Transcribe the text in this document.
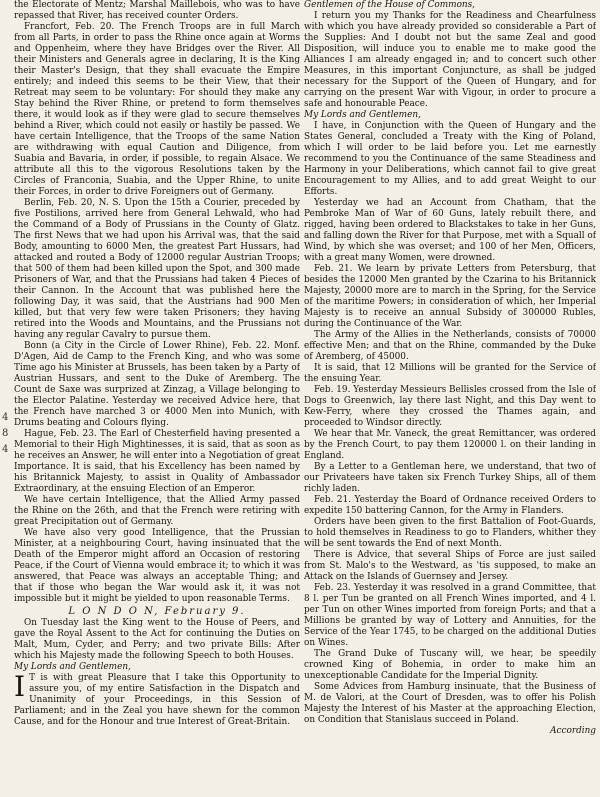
4 8 4

the Electorate of Mentz; Marshal Maillebois, who was to have repassed that River, has received counter Orders.

Francfort, Feb. 20. The French Troops are in full March from all Parts, in order to pass the Rhine once again at Worms and Oppenheim, where they have Bridges over the River. All their Ministers and Generals agree in declaring, It is the King their Master's Design, that they shall evacuate the Empire entirely; and indeed this seems to be their View, that their Retreat may seem to be voluntary: For should they make any Stay behind the River Rhine, or pretend to form themselves there, it would look as if they were glad to secure themselves behind a River, which could not easily or hastily be passed. We have certain Intelligence, that the Troops of the same Nation are withdrawing with equal Caution and Diligence, from Suabia and Bavaria, in order, if possible, to regain Alsace. We attribute all this to the vigorous Resolutions taken by the Circles of Franconia, Suabia, and the Upper Rhine, to unite their Forces, in order to drive Foreigners out of Germany.

Berlin, Feb. 20, N. S. Upon the 15th a Courier, preceded by five Postilions, arrived here from General Lehwald, who had the Command of a Body of Prussians in the County of Glatz. The first News that we had upon his Arrival was, that the said Body, amounting to 6000 Men, the greatest Part Hussars, had attacked and routed a Body of 12000 regular Austrian Troops; that 500 of them had been killed upon the Spot, and 300 made Prisoners of War, and that the Prussians had taken 4 Pieces of their Cannon. In the Account that was published here the following Day, it was said, that the Austrians had 900 Men killed, but that very few were taken Prisoners; they having retired into the Woods and Mountains, and the Prussians not having any regular Cavalry to pursue them.

Bonn (a City in the Circle of Lower Rhine), Feb. 22. Monf. D'Agen, Aid de Camp to the French King, and who was some Time ago his Minister at Brussels, has been taken by a Party of Austrian Hussars, and sent to the Duke of Aremberg. The Count de Saxe was surprized at Zinzag, a Village belonging to the Elector Palatine. Yesterday we received Advice here, that the French have marched 3 or 4000 Men into Munich, with Drums beating and Colours flying.

Hague, Feb. 23. The Earl of Chesterfield having presented a Memorial to their High Mightinesses, it is said, that as soon as he receives an Answer, he will enter into a Negotiation of great Importance. It is said, that his Excellency has been named by his Britannick Majesty, to assist in Quality of Ambassador Extraordinary, at the ensuing Election of an Emperor.

We have certain Intelligence, that the Allied Army passed the Rhine on the 26th, and that the French were retiring with great Precipitation out of Germany.

We have also very good Intelligence, that the Prussian Minister, at a neighbouring Court, having insinuated that the Death of the Emperor might afford an Occasion of restoring Peace, if the Court of Vienna would embrace it; to which it was answered, that Peace was always an acceptable Thing; and that if those who began the War would ask it, it was not impossible but it might be yielded to upon reasonable Terms.

L O N D O N, February 9.

On Tuesday last the King went to the House of Peers, and gave the Royal Assent to the Act for continuing the Duties on Malt, Mum, Cyder, and Perry; and two private Bills: After which his Majesty made the following Speech to both Houses.

My Lords and Gentlemen,

I T is with great Pleasure that I take this Opportunity to assure you, of my entire Satisfaction in the Dispatch and Unanimity of your Proceedings, in this Session of Parliament; and in the Zeal you have shewn for the common Cause, and for the Honour and true Interest of Great-Britain.

Gentlemen of the House of Commons,

I return you my Thanks for the Readiness and Chearfulness with which you have already provided so considerable a Part of the Supplies: And I doubt not but the same Zeal and good Disposition, will induce you to enable me to make good the Alliances I am already engaged in; and to concert such other Measures, in this important Conjuncture, as shall be judged necessary for the Support of the Queen of Hungary, and for carrying on the present War with Vigour, in order to procure a safe and honourable Peace.

My Lords and Gentlemen,

I have, in Conjunction with the Queen of Hungary and the States General, concluded a Treaty with the King of Poland, which I will order to be laid before you. Let me earnestly recommend to you the Continuance of the same Steadiness and Harmony in your Deliberations, which cannot fail to give great Encouragement to my Allies, and to add great Weight to our Efforts.

Yesterday we had an Account from Chatham, that the Pembroke Man of War of 60 Guns, lately rebuilt there, and rigged, having been ordered to Blackstakes to take in her Guns, and falling down the River for that Purpose, met with a Squall of Wind, by which she was overset; and 100 of her Men, Officers, with a great many Women, were drowned.

Feb. 21. We learn by private Letters from Petersburg, that besides the 12000 Men granted by the Czarina to his Britannick Majesty, 20000 more are to march in the Spring, for the Service of the maritime Powers; in consideration of which, her Imperial Majesty is to receive an annual Subsidy of 300000 Rubles, during the Continuance of the War.

The Army of the Allies in the Netherlands, consists of 70000 effective Men; and that on the Rhine, commanded by the Duke of Aremberg, of 45000.

It is said, that 12 Millions will be granted for the Service of the ensuing Year.

Feb. 19. Yesterday Messieurs Bellisles crossed from the Isle of Dogs to Greenwich, lay there last Night, and this Day went to Kew-Ferry, where they crossed the Thames again, and proceeded to Windsor directly.

We hear that Mr. Vaneck, the great Remittancer, was ordered by the French Court, to pay them 120000 l. on their landing in England.

By a Letter to a Gentleman here, we understand, that two of our Privateers have taken six French Turkey Ships, all of them richly laden.

Feb. 21. Yesterday the Board of Ordnance received Orders to expedite 150 battering Cannon, for the Army in Flanders.

Orders have been given to the first Battalion of Foot-Guards, to hold themselves in Readiness to go to Flanders, whither they will be sent towards the End of next Month.

There is Advice, that several Ships of Force are just sailed from St. Malo's to the Westward, as 'tis supposed, to make an Attack on the Islands of Guernsey and Jersey.

Feb. 23. Yesterday it was resolved in a grand Committee, that 8 l. per Tun be granted on all French Wines imported, and 4 l. per Tun on other Wines imported from foreign Ports; and that a Millions be granted by way of Lottery and Annuities, for the Service of the Year 1745, to be charged on the additional Duties on Wines.

The Grand Duke of Tuscany will, we hear, be speedily crowned King of Bohemia, in order to make him an unexceptionable Candidate for the Imperial Dignity.

Some Advices from Hamburg insinuate, that the Business of M. de Valori, at the Court of Dresden, was to offer his Polish Majesty the Interest of his Master at the approaching Election, on Condition that Stanislaus succeed in Poland.

According
